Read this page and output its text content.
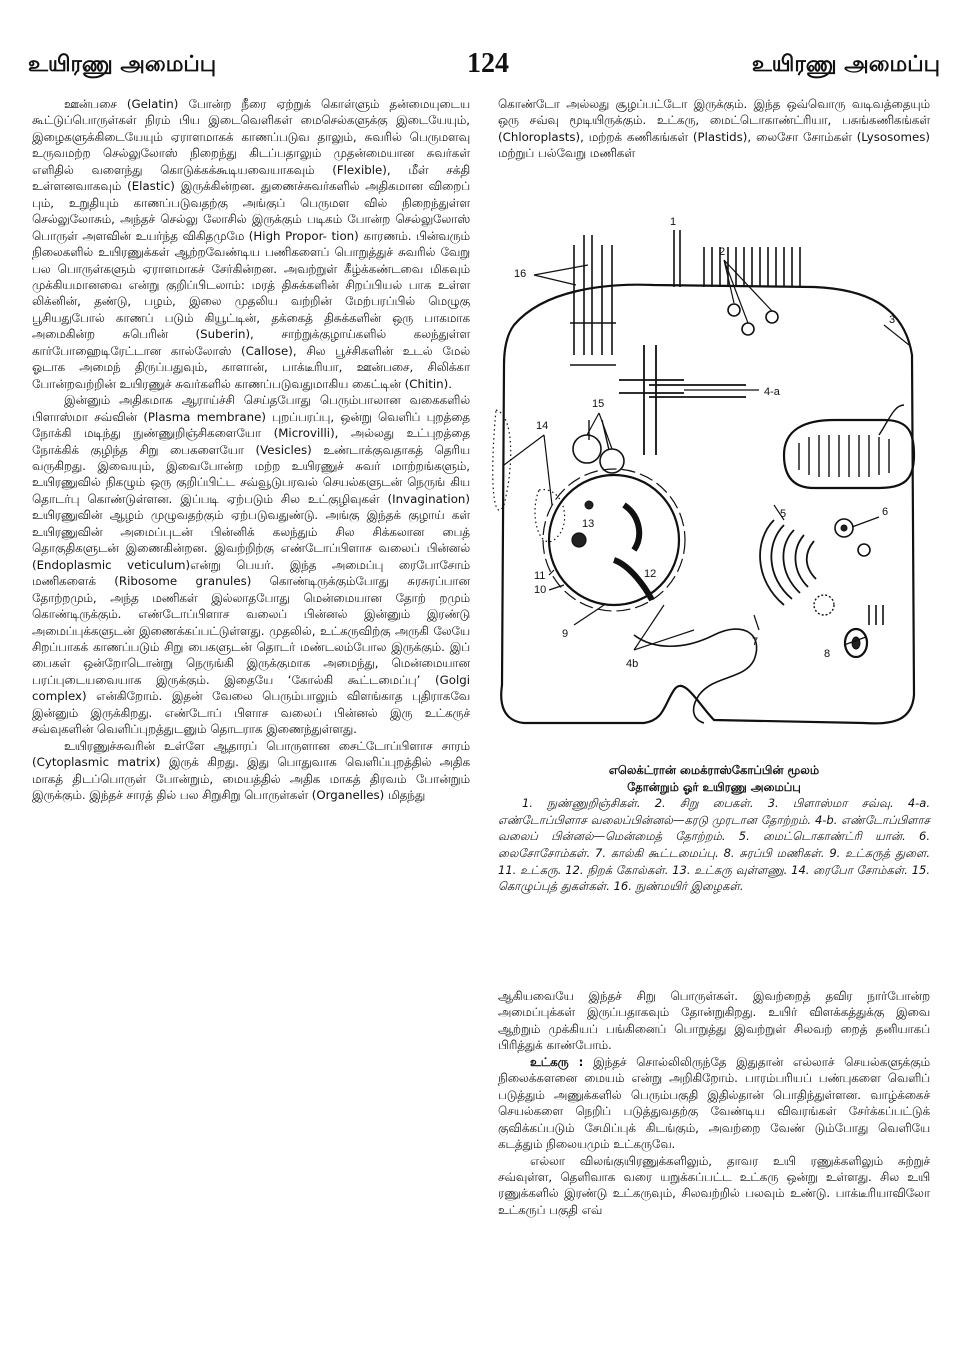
உயிரணு அமைப்பு	124	உயிரணு அமைப்பு

ஊன்பசை (Gelatin) போன்ற நீரை ஏற்றுக் கொள்ளும் தன்மையுடைய கூட்டுப்பொருள்கள் நிரம் பிய இடைவெளிகள் மைசெல்களுக்கு இடையேயும், இழைகளுக்கிடையேயும் ஏராளமாகக் காணப்படுவ தாலும், சுவரில் பெருமளவு உருவமற்ற செல்லுலோஸ் நிறைந்து கிடப்பதாலும் முதன்மையான சுவர்கள் எளிதில் வளைந்து கொடுக்கக்கூடியவையாகவும் (Flexible), மீள் சக்தி உள்ளனவாகவும் (Elastic) இருக்கின்றன. துணைச்சுவர்களில் அதிகமான விறைப் பும், உறுதியும் காணப்படுவதற்கு அங்குப் பெருமள வில் நிறைந்துள்ள செல்லுலோசும், அந்தச் செல்லு லோசில் இருக்கும் படிகம் போன்ற செல்லுலோஸ் பொருள் அளவின் உயர்ந்த விகிதமுமே (High Propor- tion) காரணம். பின்வரும் நிலைகளில் உயிரணுக்கள் ஆற்றவேண்டிய பணிகளைப் பொறுத்துச் சுவரில் வேறு பல பொருள்களும் ஏராளமாகச் சேர்கின்றன. அவற்றுள் கீழ்க்கண்டவை மிகவும் முக்கியமானவை என்று குறிப்பிடலாம்: மரத் திசுக்களின் சிறப்பியல் பாக உள்ள லிக்னின், தண்டு, பழம், இலை முதலிய வற்றின் மேற்பரப்பில் மெழுகு பூசியதுபோல் காணப் படும் கியூட்டின், தக்கைத் திசுக்களின் ஒரு பாகமாக அமைகின்ற சுபெரின் (Suberin), சாற்றுக்குழாய்களில் கலந்துள்ள கார்போஹைடிரேட்டான கால்லோஸ் (Callose), சில பூச்சிகளின் உடல் மேல் ஓடாக அமைந் திருப்பதுவும், காளான், பாக்டீரியா, ஊன்பசை, சிலிக்கா போன்றவற்றின் உயிரணுச் சுவர்களில் காணப்படுவதுமாகிய கைட்டின் (Chitin).

இன்னும் அதிகமாக ஆராய்ச்சி செய்தபோது பெரும்பாலான வகைகளில் பிளாஸ்மா சவ்வின் (Plasma membrane) புறப்பரப்பு, ஒன்று வெளிப் புறத்தை நோக்கி மடிந்து நுண்ணுறிஞ்சிகளையோ (Microvilli), அல்லது உட்புறத்தை நோக்கிக் குழிந்த சிறு பைகளையோ (Vesicles) உண்டாக்குவதாகத் தெரிய வருகிறது. இவையும், இவைபோன்ற மற்ற உயிரணுச் சுவர் மாற்றங்களும், உயிரணுவில் நிகழும் ஒரு குறிப்பிட்ட சவ்வூடுபரவல் செயல்களுடன் நெருங் கிய தொடர்பு கொண்டுள்ளன. இப்படி ஏற்படும் சில உட்குழிவுகள் (Invagination) உயிரணுவின் ஆழம் முழுவதற்கும் ஏற்படுவதுண்டு. அங்கு இந்தக் குழாய் கள் உயிரணுவின் அமைப்புடன் பின்னிக் கலந்தும் சில சிக்கலான பைத் தொகுதிகளுடன் இணைகின்றன. இவற்றிற்கு எண்டோப்பிளாச வலைப் பின்னல் (Endoplasmic veticulum)என்று பெயர். இந்த அமைப்பு ரைபோசோம் மணிகளைக் (Ribosome granules) கொண்டிருக்கும்போது சுரசுரப்பான தோற்றமும், அந்த மணிகள் இல்லாதபோது மென்மையான தோற் றமும் கொண்டிருக்கும். எண்டோப்பிளாச வலைப் பின்னல் இன்னும் இரண்டு அமைப்புக்களுடன் இணைக்கப்பட்டுள்ளது. முதலில், உட்கருவிற்கு அருகி லேயே சிறப்பாகக் காணப்படும் சிறு பைகளுடன் தொடர் மண்டலம்போல இருக்கும். இப் பைகள் ஒன்றோடொன்று நெருங்கி இருக்குமாக அமைந்து, மென்மையான பரப்புடையவையாக இருக்கும். இதையே ‘கோல்கி கூட்டமைப்பு’ (Golgi complex) என்கிறோம். இதன் வேலை பெரும்பாலும் விளங்காத புதிராகவே இன்னும் இருக்கிறது. எண்டோப் பிளாச வலைப் பின்னல் இரு உட்கருச் சவ்வுகளின் வெளிப்புறத்துடனும் தொடராக இணைந்துள்ளது.

உயிரணுச்சுவரின் உள்ளே ஆதாரப் பொருளான சைட்டோப்பிளாச சாரம் (Cytoplasmic matrix) இருக் கிறது. இது பொதுவாக வெளிப்புறத்தில் அதிக மாகத் திடப்பொருள் போன்றும், மையத்தில் அதிக மாகத் திரவம் போன்றும் இருக்கும். இந்தச் சாரத் தில் பல சிறுசிறு பொருள்கள் (Organelles) மிதந்து

கொண்டோ அல்லது சூழப்பட்டோ இருக்கும். இந்த ஒவ்வொரு வடிவத்தையும் ஒரு சவ்வு மூடியிருக்கும். உட்கரு, மைட்டொகாண்ட்ரியா, பசுங்கணிகங்கள் (Chloroplasts), மற்றக் கணிகங்கள் (Plastids), லைசோ சோம்கள் (Lysosomes) மற்றுப் பல்வேறு மணிகள்

1
2
3
4-a
4b
5	6
7
8
9
10
11	12
13
14
15
16
எலெக்ட்ரான் மைக்ராஸ்கோப்பின் மூலம்
தோன்றும் ஓர் உயிரணு அமைப்பு
1. நுண்ணுறிஞ்சிகள். 2. சிறு பைகள். 3. பிளாஸ்மா சவ்வு. 4-a. எண்டோப்பிளாச வலைப்பின்னல்—கரடு முரடான தோற்றம். 4-b. எண்டோப்பிளாச வலைப் பின்னல்—மென்மைத் தோற்றம். 5. மைட்டொகாண்ட்ரி யான். 6. லைசோசோம்கள். 7. கால்கி கூட்டமைப்பு. 8. சுரப்பி மணிகள். 9. உட்கருத் துளை. 11. உட்கரு. 12. நிறக் கோல்கள். 13. உட்கரு வுள்ளணு. 14. ரைபோ சோம்கள். 15. கொழுப்புத் துகள்கள். 16. நுண்மயிர் இழைகள்.

ஆகியவையே இந்தச் சிறு பொருள்கள். இவற்றைத் தவிர நார்போன்ற அமைப்புக்கள் இருப்பதாகவும் தோன்றுகிறது. உயிர் விளக்கத்துக்கு இவை ஆற்றும் முக்கியப் பங்கினைப் பொறுத்து இவற்றுள் சிலவற் றைத் தனியாகப் பிரித்துக் காண்போம்.

உட்கரு : இந்தச் சொல்லிலிருந்தே இதுதான் எல்லாச் செயல்களுக்கும் நிலைக்களனை மையம் என்று அறிகிறோம். பாரம்பரியப் பண்புகளை வெளிப் படுத்தும் அணுக்களில் பெரும்பகுதி இதில்தான் பொதிந்துள்ளன. வாழ்க்கைச் செயல்களை நெறிப் படுத்துவதற்கு வேண்டிய விவரங்கள் சேர்க்கப்பட்டுக் குவிக்கப்படும் சேமிப்புக் கிடங்கும், அவற்றை வேண் டும்போது வெளியே கடத்தும் நிலையமும் உட்கருவே.

எல்லா விலங்குயிரணுக்களிலும், தாவர உயி ரணுக்களிலும் சுற்றுச் சவ்வுள்ள, தெளிவாக வரை யறுக்கப்பட்ட உட்கரு ஒன்று உள்ளது. சில உயி ரணுக்களில் இரண்டு உட்கருவும், சிலவற்றில் பலவும் உண்டு. பாக்டீரியாவிலோ உட்கருப் பகுதி எவ்
